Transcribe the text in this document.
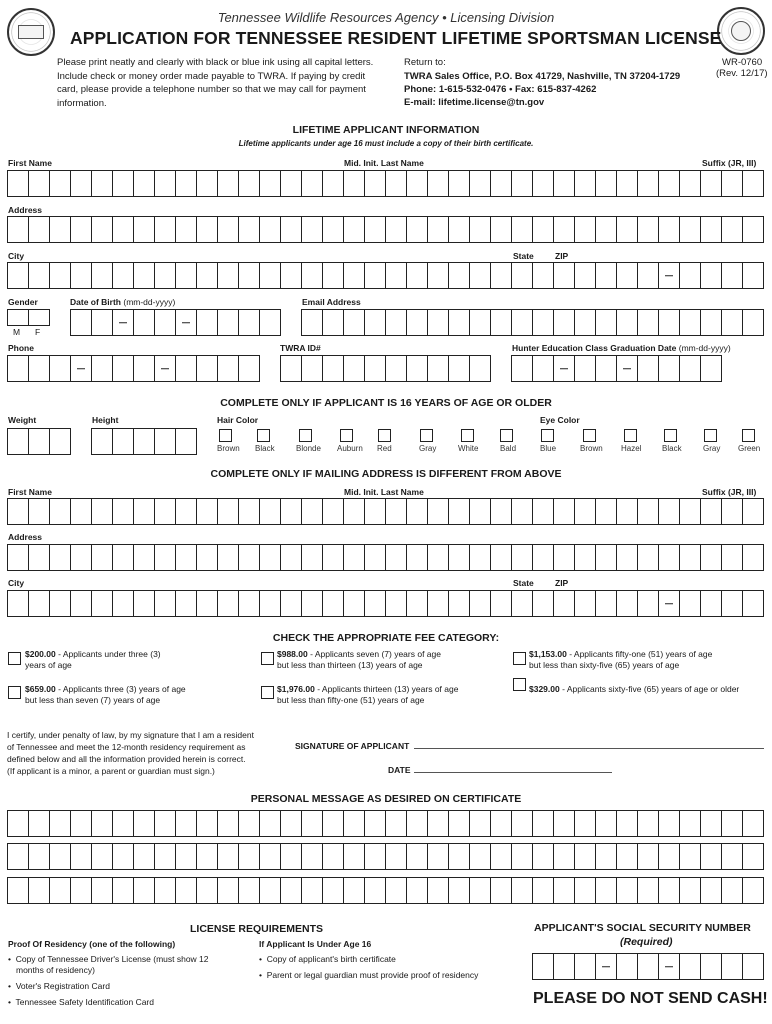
Tennessee Wildlife Resources Agency • Licensing Division
APPLICATION FOR TENNESSEE RESIDENT LIFETIME SPORTSMAN LICENSE
WR-0760
(Rev. 12/17)
Please print neatly and clearly with black or blue ink using all capital letters. Include check or money order made payable to TWRA. If paying by credit card, please provide a telephone number so that we may call for payment information.
Return to:
TWRA Sales Office, P.O. Box 41729, Nashville, TN 37204-1729
Phone: 1-615-532-0476 • Fax: 615-837-4262
E-mail: lifetime.license@tn.gov
LIFETIME APPLICANT INFORMATION
Lifetime applicants under age 16 must include a copy of their birth certificate.
First Name	Mid. Init. Last Name	Suffix (JR, III)
Address
City	State ZIP
Gender	Date of Birth (mm-dd-yyyy)	Email Address
M F
Phone	TWRA ID#	Hunter Education Class Graduation Date (mm-dd-yyyy)
COMPLETE ONLY IF APPLICANT IS 16 YEARS OF AGE OR OLDER
Weight	Height	Hair Color	Eye Color
Brown Black	Blonde Auburn Red	Gray	White	Bald	Blue	Brown Hazel	Black	Gray Green
COMPLETE ONLY IF MAILING ADDRESS IS DIFFERENT FROM ABOVE
First Name	Mid. Init. Last Name	Suffix (JR, III)
Address
City	State ZIP
CHECK THE APPROPRIATE FEE CATEGORY:
$200.00 - Applicants under three (3)
years of age
$988.00 - Applicants seven (7) years of age
but less than thirteen (13) years of age
$1,153.00 - Applicants fifty-one (51) years of age
but less than sixty-five (65) years of age
$659.00 - Applicants three (3) years of age
but less than seven (7) years of age
$1,976.00 - Applicants thirteen (13) years of age
but less than fifty-one (51) years of age
$329.00 - Applicants sixty-five (65) years of age or older
I certify, under penalty of law, by my signature that I am a resident
of Tennessee and meet the 12-month residency requirement as
defined below and all the information provided herein is correct.
(If applicant is a minor, a parent or guardian must sign.)
SIGNATURE OF APPLICANT
DATE
PERSONAL MESSAGE AS DESIRED ON CERTIFICATE
LICENSE REQUIREMENTS
Proof Of Residency (one of the following)
•  Copy of Tennessee Driver's License (must show 12
months of residency)
•  Voter's Registration Card
•  Tennessee Safety Identification Card
If Applicant Is Under Age 16
•  Copy of applicant's birth certificate
•  Parent or legal guardian must provide proof of residency
APPLICANT'S SOCIAL SECURITY NUMBER
(Required)
PLEASE DO NOT SEND CASH!
